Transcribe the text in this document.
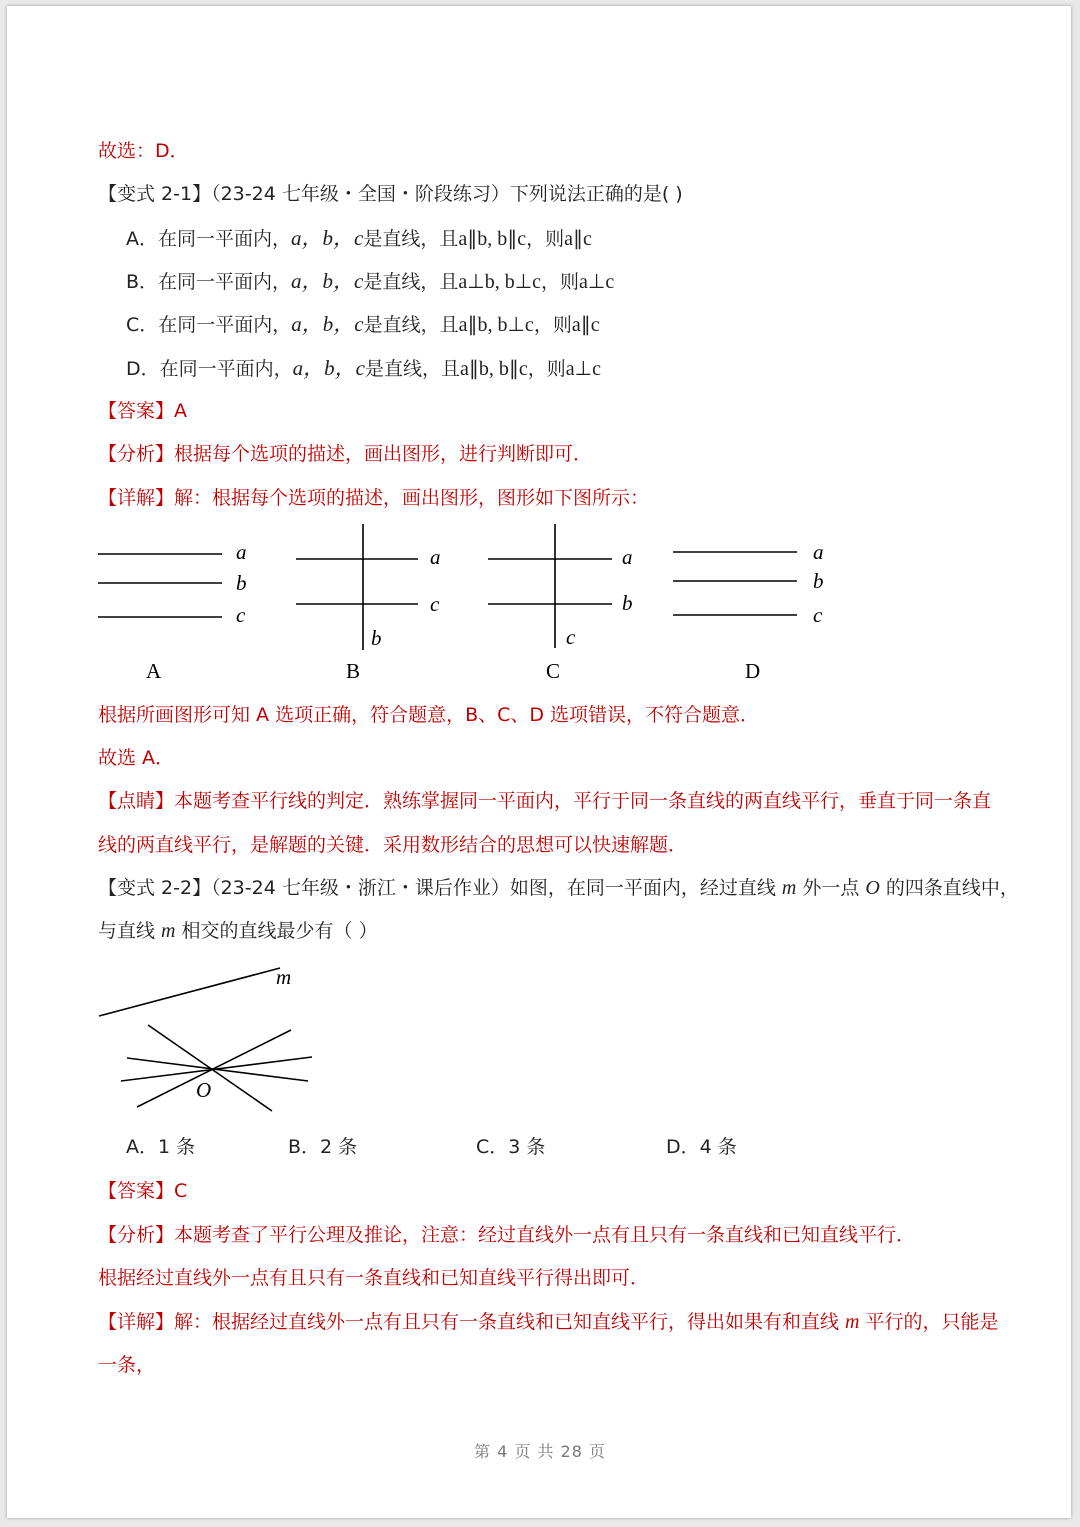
故选：D．
【变式 2-1】（23-24 七年级・全国・阶段练习）下列说法正确的是( )
A．在同一平面内，a，b，c是直线，且a∥b, b∥c，则a∥c
B．在同一平面内，a，b，c是直线，且a⊥b, b⊥c，则a⊥c
C．在同一平面内，a，b，c是直线，且a∥b, b⊥c，则a∥c
D．在同一平面内，a，b，c是直线，且a∥b, b∥c，则a⊥c
【答案】A
【分析】根据每个选项的描述，画出图形，进行判断即可．
【详解】解：根据每个选项的描述，画出图形，图形如下图所示：
a
b
c
a
c
b
a
b
c
a
b
c
A	B	C	D
根据所画图形可知 A 选项正确，符合题意，B、C、D 选项错误，不符合题意．
故选 A．
【点睛】本题考查平行线的判定．熟练掌握同一平面内，平行于同一条直线的两直线平行，垂直于同一条直
线的两直线平行，是解题的关键．采用数形结合的思想可以快速解题．
【变式 2-2】（23-24 七年级・浙江・课后作业）如图，在同一平面内，经过直线 m 外一点 O 的四条直线中，
与直线 m 相交的直线最少有（ ）
m
O
A．1 条	B．2 条	C．3 条	D．4 条
【答案】C
【分析】本题考查了平行公理及推论，注意：经过直线外一点有且只有一条直线和已知直线平行．
根据经过直线外一点有且只有一条直线和已知直线平行得出即可．
【详解】解：根据经过直线外一点有且只有一条直线和已知直线平行，得出如果有和直线 m 平行的，只能是
一条，
第 4 页 共 28 页
